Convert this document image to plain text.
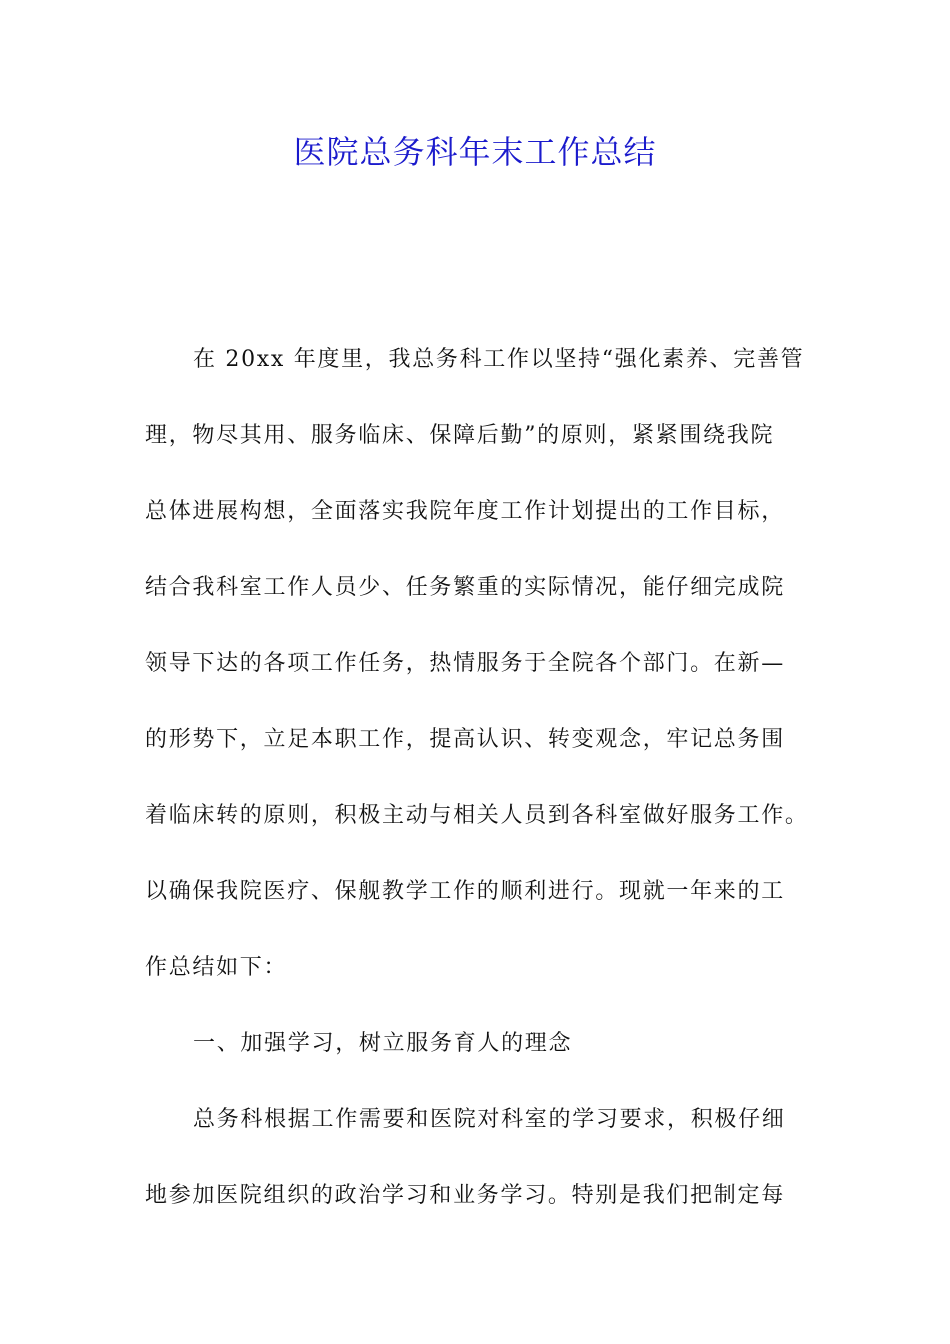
医院总务科年末工作总结
在 20xx 年度里，我总务科工作以坚持“强化素养、完善管
理，物尽其用、服务临床、保障后勤”的原则，紧紧围绕我院
总体进展构想，全面落实我院年度工作计划提出的工作目标，
结合我科室工作人员少、任务繁重的实际情况，能仔细完成院
领导下达的各项工作任务，热情服务于全院各个部门。在新—
的形势下，立足本职工作，提高认识、转变观念，牢记总务围
着临床转的原则，积极主动与相关人员到各科室做好服务工作。
以确保我院医疗、保舰教学工作的顺利进行。现就一年来的工
作总结如下：
一、加强学习，树立服务育人的理念
总务科根据工作需要和医院对科室的学习要求，积极仔细
地参加医院组织的政治学习和业务学习。特别是我们把制定每
